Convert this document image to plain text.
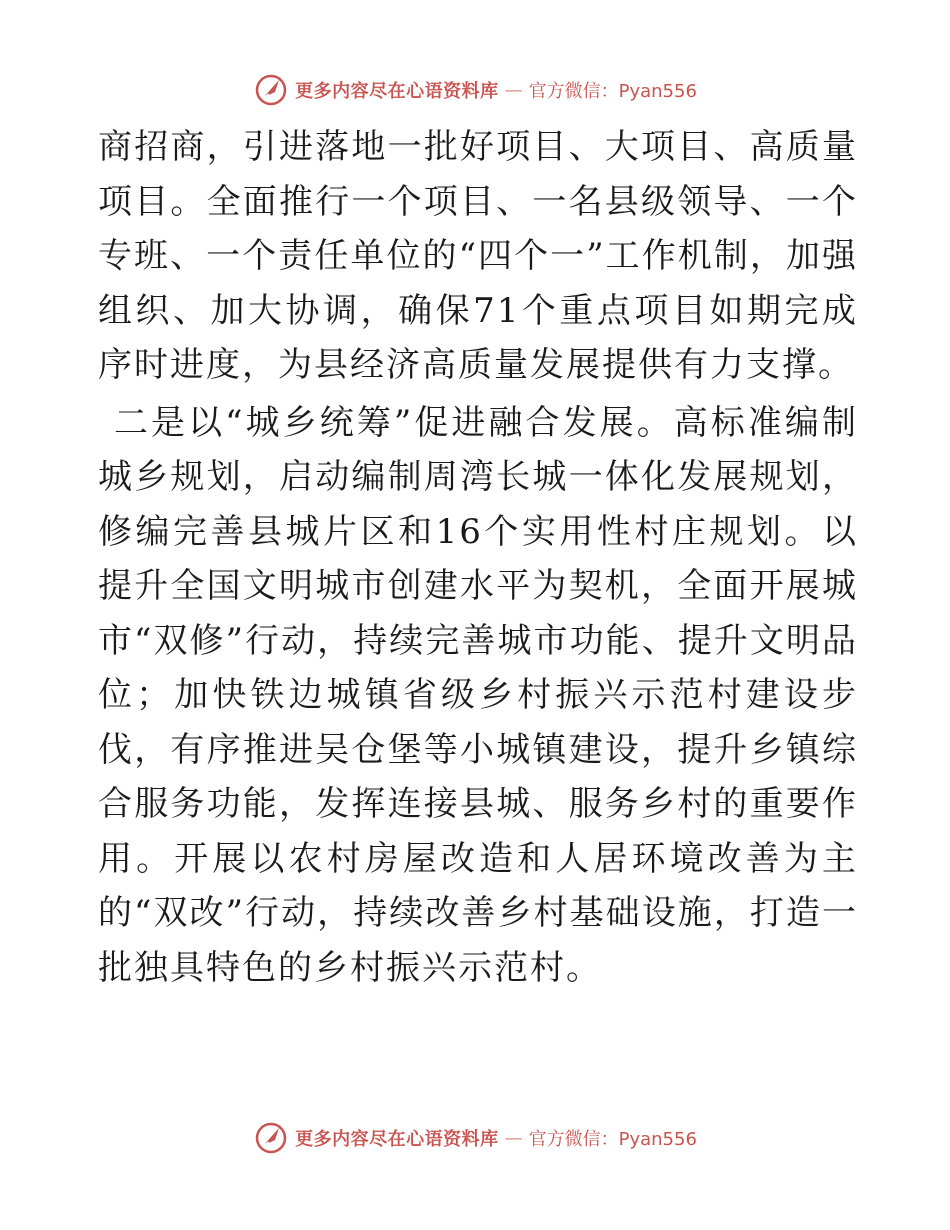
更多内容尽在心语资料库 — 官方微信：Pyan556

商招商，引进落地一批好项目、大项目、高质量项目。全面推行一个项目、一名县级领导、一个专班、一个责任单位的“四个一”工作机制，加强组织、加大协调，确保71个重点项目如期完成序时进度，为县经济高质量发展提供有力支撑。

二是以“城乡统筹”促进融合发展。高标准编制城乡规划，启动编制周湾长城一体化发展规划，修编完善县城片区和16个实用性村庄规划。以提升全国文明城市创建水平为契机，全面开展城市“双修”行动，持续完善城市功能、提升文明品位；加快铁边城镇省级乡村振兴示范村建设步伐，有序推进吴仓堡等小城镇建设，提升乡镇综合服务功能，发挥连接县城、服务乡村的重要作用。开展以农村房屋改造和人居环境改善为主的“双改”行动，持续改善乡村基础设施，打造一批独具特色的乡村振兴示范村。

更多内容尽在心语资料库 — 官方微信：Pyan556
